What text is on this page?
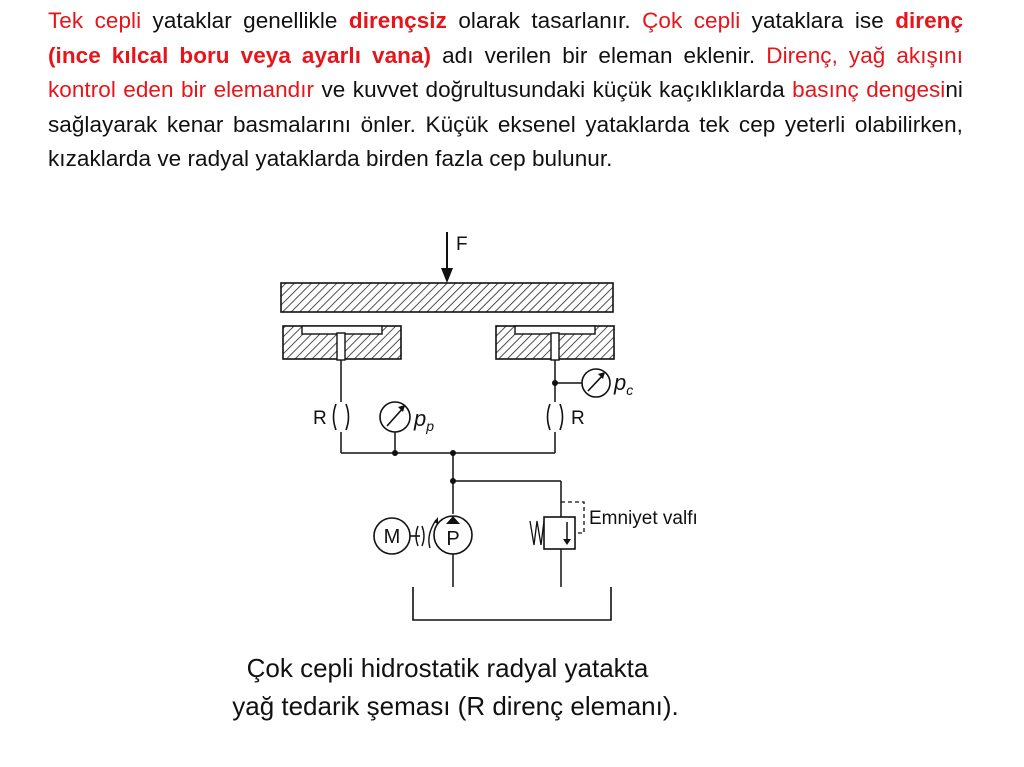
Tek cepli yataklar genellikle dirençsiz olarak tasarlanır. Çok cepli yataklara ise direnç (ince kılcal boru veya ayarlı vana) adı verilen bir eleman eklenir. Direnç, yağ akışını kontrol eden bir elemandır ve kuvvet doğrultusundaki küçük kaçıklıklarda basınç dengesini sağlayarak kenar basmalarını önler. Küçük eksenel yataklarda tek cep yeterli olabilirken, kızaklarda ve radyal yataklarda birden fazla cep bulunur.
F
R	R
$p_p$
$p_c$
M P
Emniyet valfı
Çok cepli hidrostatik radyal yatakta
yağ tedarik şeması (R direnç elemanı).
